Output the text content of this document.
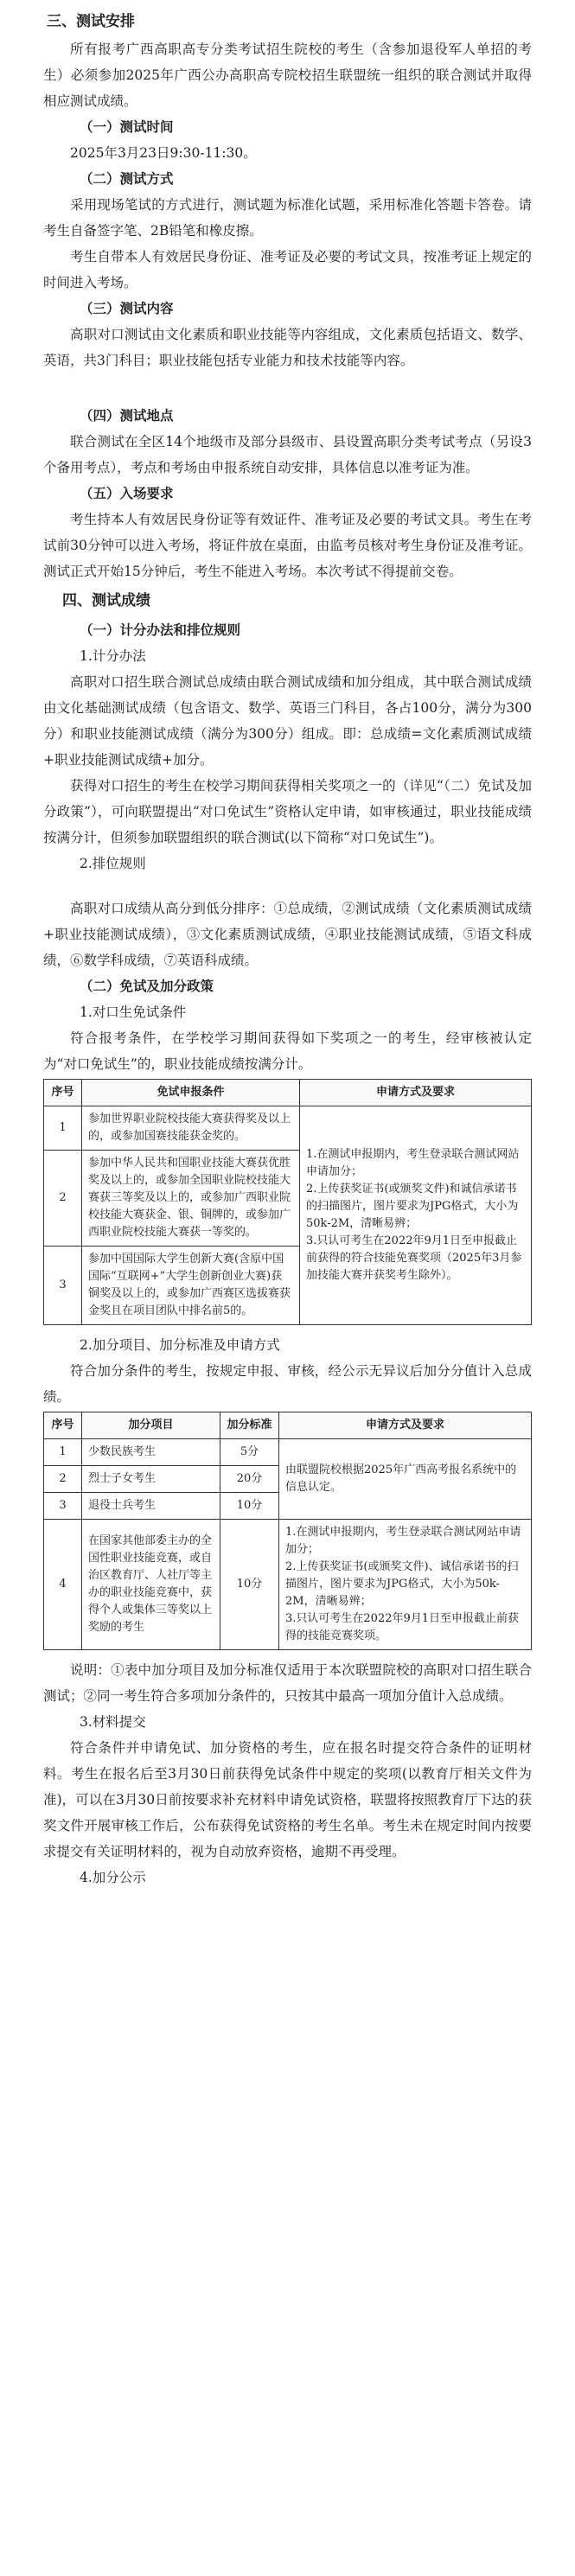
三、测试安排

所有报考广西高职高专分类考试招生院校的考生（含参加退役军人单招的考生）必须参加2025年广西公办高职高专院校招生联盟统一组织的联合测试并取得相应测试成绩。

（一）测试时间

2025年3月23日9:30-11:30。

（二）测试方式

采用现场笔试的方式进行，测试题为标准化试题，采用标准化答题卡答卷。请考生自备签字笔、2B铅笔和橡皮擦。

考生自带本人有效居民身份证、准考证及必要的考试文具，按准考证上规定的时间进入考场。

（三）测试内容

高职对口测试由文化素质和职业技能等内容组成，文化素质包括语文、数学、英语，共3门科目；职业技能包括专业能力和技术技能等内容。

（四）测试地点

联合测试在全区14个地级市及部分县级市、县设置高职分类考试考点（另设3个备用考点），考点和考场由申报系统自动安排，具体信息以准考证为准。

（五）入场要求

考生持本人有效居民身份证等有效证件、准考证及必要的考试文具。考生在考试前30分钟可以进入考场，将证件放在桌面，由监考员核对考生身份证及准考证。测试正式开始15分钟后，考生不能进入考场。本次考试不得提前交卷。

四、测试成绩
（一）计分办法和排位规则
1.计分办法

高职对口招生联合测试总成绩由联合测试成绩和加分组成，其中联合测试成绩由文化基础测试成绩（包含语文、数学、英语三门科目，各占100分，满分为300分）和职业技能测试成绩（满分为300分）组成。即：总成绩=文化素质测试成绩+职业技能测试成绩+加分。

获得对口招生的考生在校学习期间获得相关奖项之一的（详见“（二）免试及加分政策”），可向联盟提出“对口免试生”资格认定申请，如审核通过，职业技能成绩按满分计，但须参加联盟组织的联合测试(以下简称“对口免试生”)。

2.排位规则

高职对口成绩从高分到低分排序：①总成绩，②测试成绩（文化素质测试成绩+职业技能测试成绩），③文化素质测试成绩，④职业技能测试成绩，⑤语文科成绩，⑥数学科成绩，⑦英语科成绩。

（二）免试及加分政策
1.对口生免试条件

符合报考条件，在学校学习期间获得如下奖项之一的考生，经审核被认定为“对口免试生”的，职业技能成绩按满分计。

序号	免试申报条件	申请方式及要求
1	参加世界职业院校技能大赛获得奖及以上的，或参加国赛技能获金奖的。	1.在测试申报期内，考生登录联合测试网站申请加分；
2.上传获奖证书(或颁奖文件)和诚信承诺书的扫描图片，图片要求为JPG格式，大小为50k-2M，清晰易辨；
3.只认可考生在2022年9月1日至申报截止前获得的符合技能免赛奖项（2025年3月参加技能大赛并获奖考生除外）。
2	参加中华人民共和国职业技能大赛获优胜奖及以上的，或参加全国职业院校技能大赛获三等奖及以上的，或参加广西职业院校技能大赛获金、银、铜牌的，或参加广西职业院校技能大赛获一等奖的。	
3	参加中国国际大学生创新大赛(含原中国国际“互联网+”大学生创新创业大赛)获铜奖及以上的，或参加广西赛区选拔赛获金奖且在项目团队中排名前5的。	
2.加分项目、加分标准及申请方式

符合加分条件的考生，按规定申报、审核，经公示无异议后加分分值计入总成绩。

序号	加分项目	加分标准	申请方式及要求
1	少数民族考生	5分	由联盟院校根据2025年广西高考报名系统中的信息认定。
2	烈士子女考生	20分	
3	退役士兵考生	10分	
4	在国家其他部委主办的全国性职业技能竞赛，或自治区教育厅、人社厅等主办的职业技能竞赛中，获得个人或集体三等奖以上奖励的考生	10分	1.在测试申报期内，考生登录联合测试网站申请加分；
2.上传获奖证书(或颁奖文件)、诚信承诺书的扫描图片，图片要求为JPG格式，大小为50k-2M，清晰易辨；
3.只认可考生在2022年9月1日至申报截止前获得的技能竞赛奖项。

说明：①表中加分项目及加分标准仅适用于本次联盟院校的高职对口招生联合测试；②同一考生符合多项加分条件的，只按其中最高一项加分值计入总成绩。

3.材料提交

符合条件并申请免试、加分资格的考生，应在报名时提交符合条件的证明材料。考生在报名后至3月30日前获得免试条件中规定的奖项(以教育厅相关文件为准)，可以在3月30日前按要求补充材料申请免试资格，联盟将按照教育厅下达的获奖文件开展审核工作后，公布获得免试资格的考生名单。考生未在规定时间内按要求提交有关证明材料的，视为自动放弃资格，逾期不再受理。

4.加分公示
